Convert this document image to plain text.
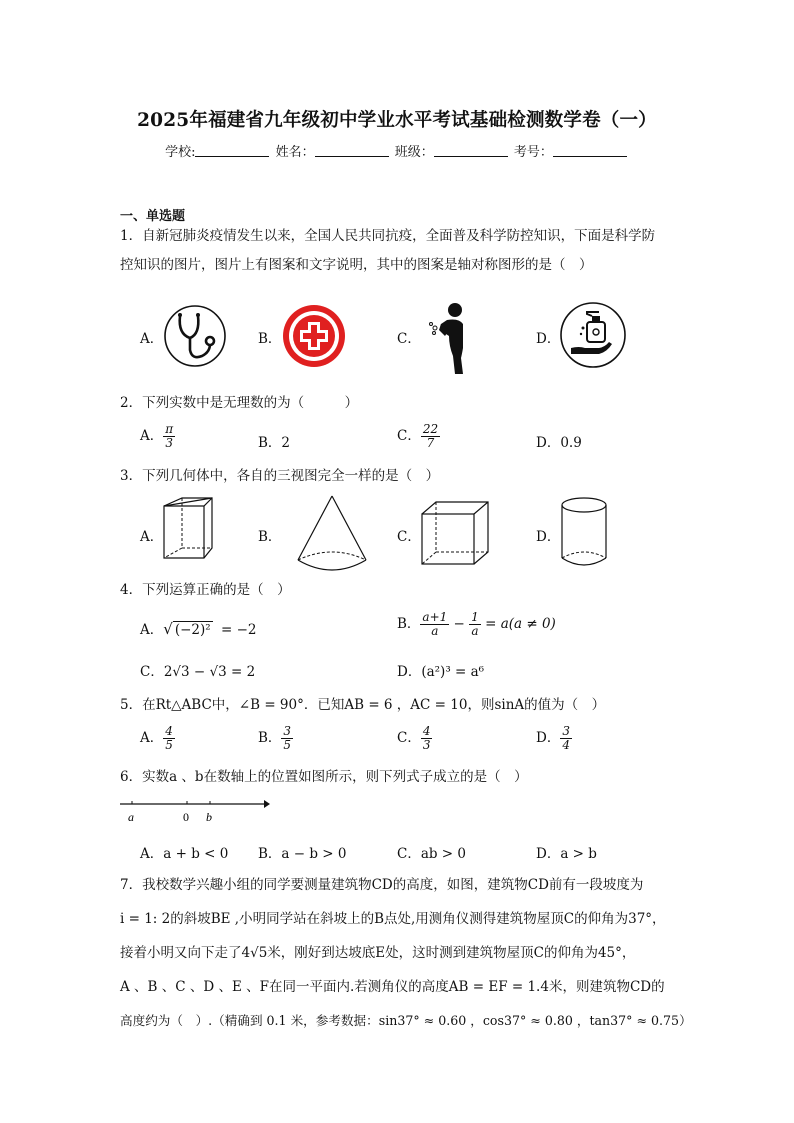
2025年福建省九年级初中学业水平考试基础检测数学卷（一）
学校:	姓名：	班级：	考号：
一、单选题
1．自新冠肺炎疫情发生以来，全国人民共同抗疫，全面普及科学防控知识，下面是科学防
控知识的图片，图片上有图案和文字说明，其中的图案是轴对称图形的是（　）
A．	B．	C．	D．
2．下列实数中是无理数的为（　　　）
A． $\frac{\pi}{3}$	B．2	C． $\frac{22}{7}$	D．0.9
3．下列几何体中，各自的三视图完全一样的是（　）
A．	B．	C．	D．
4．下列运算正确的是（　）
A．√ (−2)² = −2	B． $\frac{a+1}{a} - \frac{1}{a} = a(a \ne 0)$
C．2√3 − √3 = 2	D．(a²)³ = a⁶
5．在Rt△ABC中，∠B = 90°．已知AB = 6 ，AC = 10，则sinA的值为（　）
A． $\frac{4}{5}$	B． $\frac{3}{5}$	C． $\frac{4}{3}$	D． $\frac{3}{4}$
6．实数a 、b在数轴上的位置如图所示，则下列式子成立的是（　）
a	0 b
A．a + b < 0 B．a − b > 0	C．ab > 0	D．a > b
7．我校数学兴趣小组的同学要测量建筑物CD的高度，如图，建筑物CD前有一段坡度为
i = 1: 2的斜坡BE ,小明同学站在斜坡上的B点处,用测角仪测得建筑物屋顶C的仰角为37°，
接着小明又向下走了4√5米，刚好到达坡底E处，这时测到建筑物屋顶C的仰角为45°，
A 、B 、C 、D 、E 、F在同一平面内.若测角仪的高度AB = EF = 1.4米，则建筑物CD的
高度约为（　）.（精确到 0.1 米，参考数据：sin37° ≈ 0.60 ，cos37° ≈ 0.80 ，tan37° ≈ 0.75）
